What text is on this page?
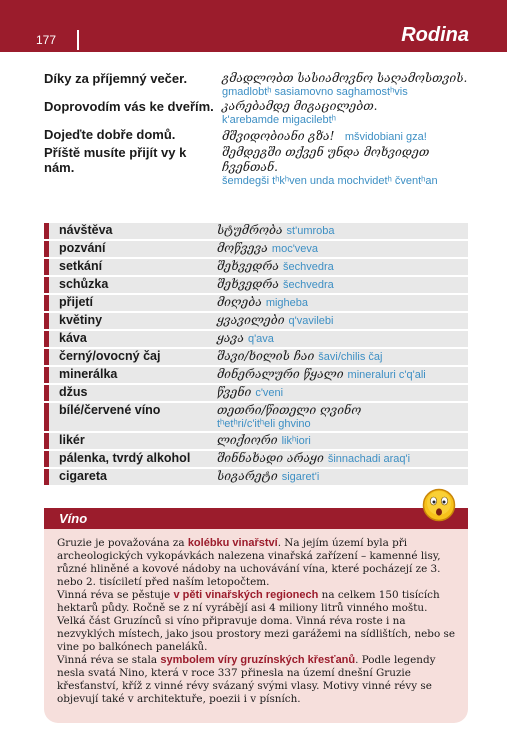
177	Rodina
Díky za příjemný večer.	გმადლობთ სასიამოვნო საღამოსთვის.
gmadlobtʰ sasiamovno saghamostʰvis
Doprovodím vás ke dveřím. კარებამდე მიგაცილებთ.
k'arebamde migacilebtʰ
Dojeďte dobře domů.	მშვიდობიანი გზა! mšvidobiani gza!
Příště musíte přijít vy k nám.
შემდეგში თქვენ უნდა მოხვიდეთ ჩვენთან.
šemdegši tʰkʰven unda mochvidetʰ čventʰan
návštěva	სტუმრობა st'umroba
pozvání	მოწვევა moc'veva
setkání	შეხვედრა šechvedra
schůzka	შეხვედრა šechvedra
přijetí	მიღება migheba
květiny	ყვავილები q'vavilebi
káva	ყავა q'ava
černý/ovocný čaj	შავი/ხილის ჩაი šavi/chilis čaj
minerálka	მინერალური წყალი mineraluri c'q'ali
džus	წვენი c'veni
bílé/červené víno	თეთრი/წითელი ღვინო
tʰetʰri/c'itʰeli ghvino
likér	ლიქიორი likʰiori
pálenka, tvrdý alkohol	შინნახადი არაყი šinnachadi araq'i
cigareta	სიგარეტი sigaret'i
Víno

Gruzie je považována za kolébku vinařství. Na jejím území byla při archeologických vykopávkách nalezena vinařská zařízení – kamenné lisy, různé hliněné a kovové nádoby na uchovávání vína, které pocházejí ze 3. nebo 2. tisíciletí před naším letopočtem.

Vinná réva se pěstuje v pěti vinařských regionech na celkem 150 tisících hektarů půdy. Ročně se z ní vyrábějí asi 4 miliony litrů vinného moštu. Velká část Gruzínců si víno připravuje doma. Vinná réva roste i na nezvyklých místech, jako jsou prostory mezi garážemi na sídlištích, nebo se vine po balkónech paneláků.

Vinná réva se stala symbolem víry gruzínských křesťanů. Podle legendy nesla svatá Nino, která v roce 337 přinesla na území dnešní Gruzie křesťanství, kříž z vinné révy svázaný svými vlasy. Motivy vinné révy se objevují také v architektuře, poezii i v písních.
